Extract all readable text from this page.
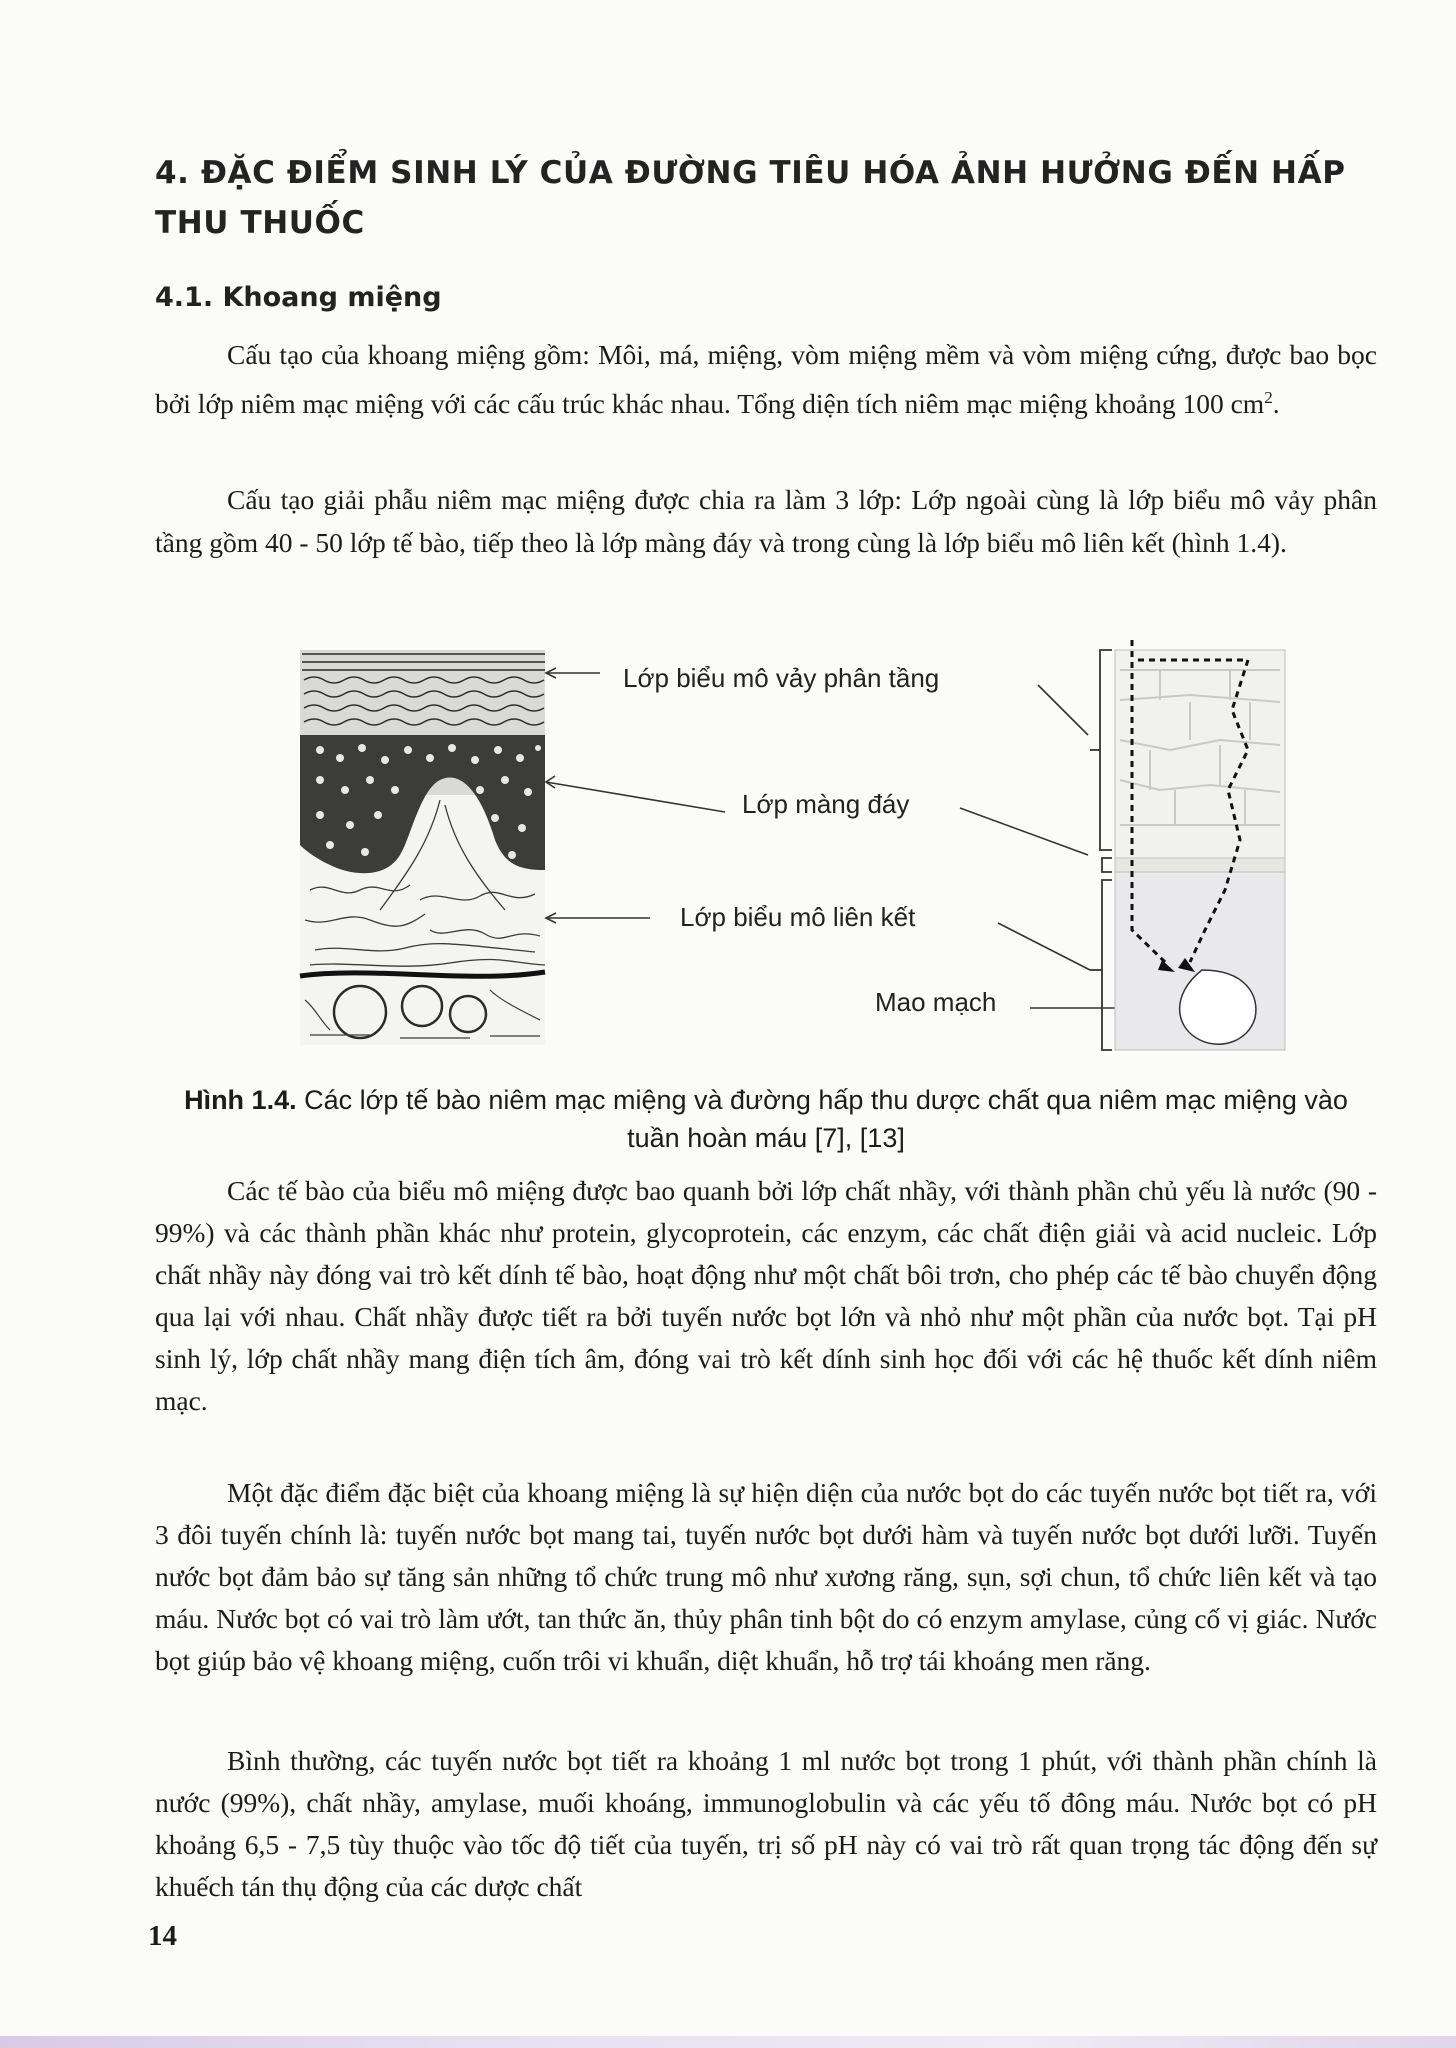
4. ĐẶC ĐIỂM SINH LÝ CỦA ĐƯỜNG TIÊU HÓA ẢNH HƯỞNG ĐẾN HẤP THU THUỐC
4.1. Khoang miệng

Cấu tạo của khoang miệng gồm: Môi, má, miệng, vòm miệng mềm và vòm miệng cứng, được bao bọc bởi lớp niêm mạc miệng với các cấu trúc khác nhau. Tổng diện tích niêm mạc miệng khoảng 100 $cm^2$.

Cấu tạo giải phẫu niêm mạc miệng được chia ra làm 3 lớp: Lớp ngoài cùng là lớp biểu mô vảy phân tầng gồm 40 - 50 lớp tế bào, tiếp theo là lớp màng đáy và trong cùng là lớp biểu mô liên kết (hình 1.4).

Lớp biểu mô vảy phân tầng
Lớp màng đáy
Lớp biểu mô liên kết
Mao mạch
Hình 1.4. Các lớp tế bào niêm mạc miệng và đường hấp thu dược chất qua niêm mạc miệng vào tuần hoàn máu [7], [13]

Các tế bào của biểu mô miệng được bao quanh bởi lớp chất nhầy, với thành phần chủ yếu là nước (90 - 99%) và các thành phần khác như protein, glycoprotein, các enzym, các chất điện giải và acid nucleic. Lớp chất nhầy này đóng vai trò kết dính tế bào, hoạt động như một chất bôi trơn, cho phép các tế bào chuyển động qua lại với nhau. Chất nhầy được tiết ra bởi tuyến nước bọt lớn và nhỏ như một phần của nước bọt. Tại pH sinh lý, lớp chất nhầy mang điện tích âm, đóng vai trò kết dính sinh học đối với các hệ thuốc kết dính niêm mạc.

Một đặc điểm đặc biệt của khoang miệng là sự hiện diện của nước bọt do các tuyến nước bọt tiết ra, với 3 đôi tuyến chính là: tuyến nước bọt mang tai, tuyến nước bọt dưới hàm và tuyến nước bọt dưới lưỡi. Tuyến nước bọt đảm bảo sự tăng sản những tổ chức trung mô như xương răng, sụn, sợi chun, tổ chức liên kết và tạo máu. Nước bọt có vai trò làm ướt, tan thức ăn, thủy phân tinh bột do có enzym amylase, củng cố vị giác. Nước bọt giúp bảo vệ khoang miệng, cuốn trôi vi khuẩn, diệt khuẩn, hỗ trợ tái khoáng men răng.

Bình thường, các tuyến nước bọt tiết ra khoảng 1 ml nước bọt trong 1 phút, với thành phần chính là nước (99%), chất nhầy, amylase, muối khoáng, immunoglobulin và các yếu tố đông máu. Nước bọt có pH khoảng 6,5 - 7,5 tùy thuộc vào tốc độ tiết của tuyến, trị số pH này có vai trò rất quan trọng tác động đến sự khuếch tán thụ động của các dược chất

14
